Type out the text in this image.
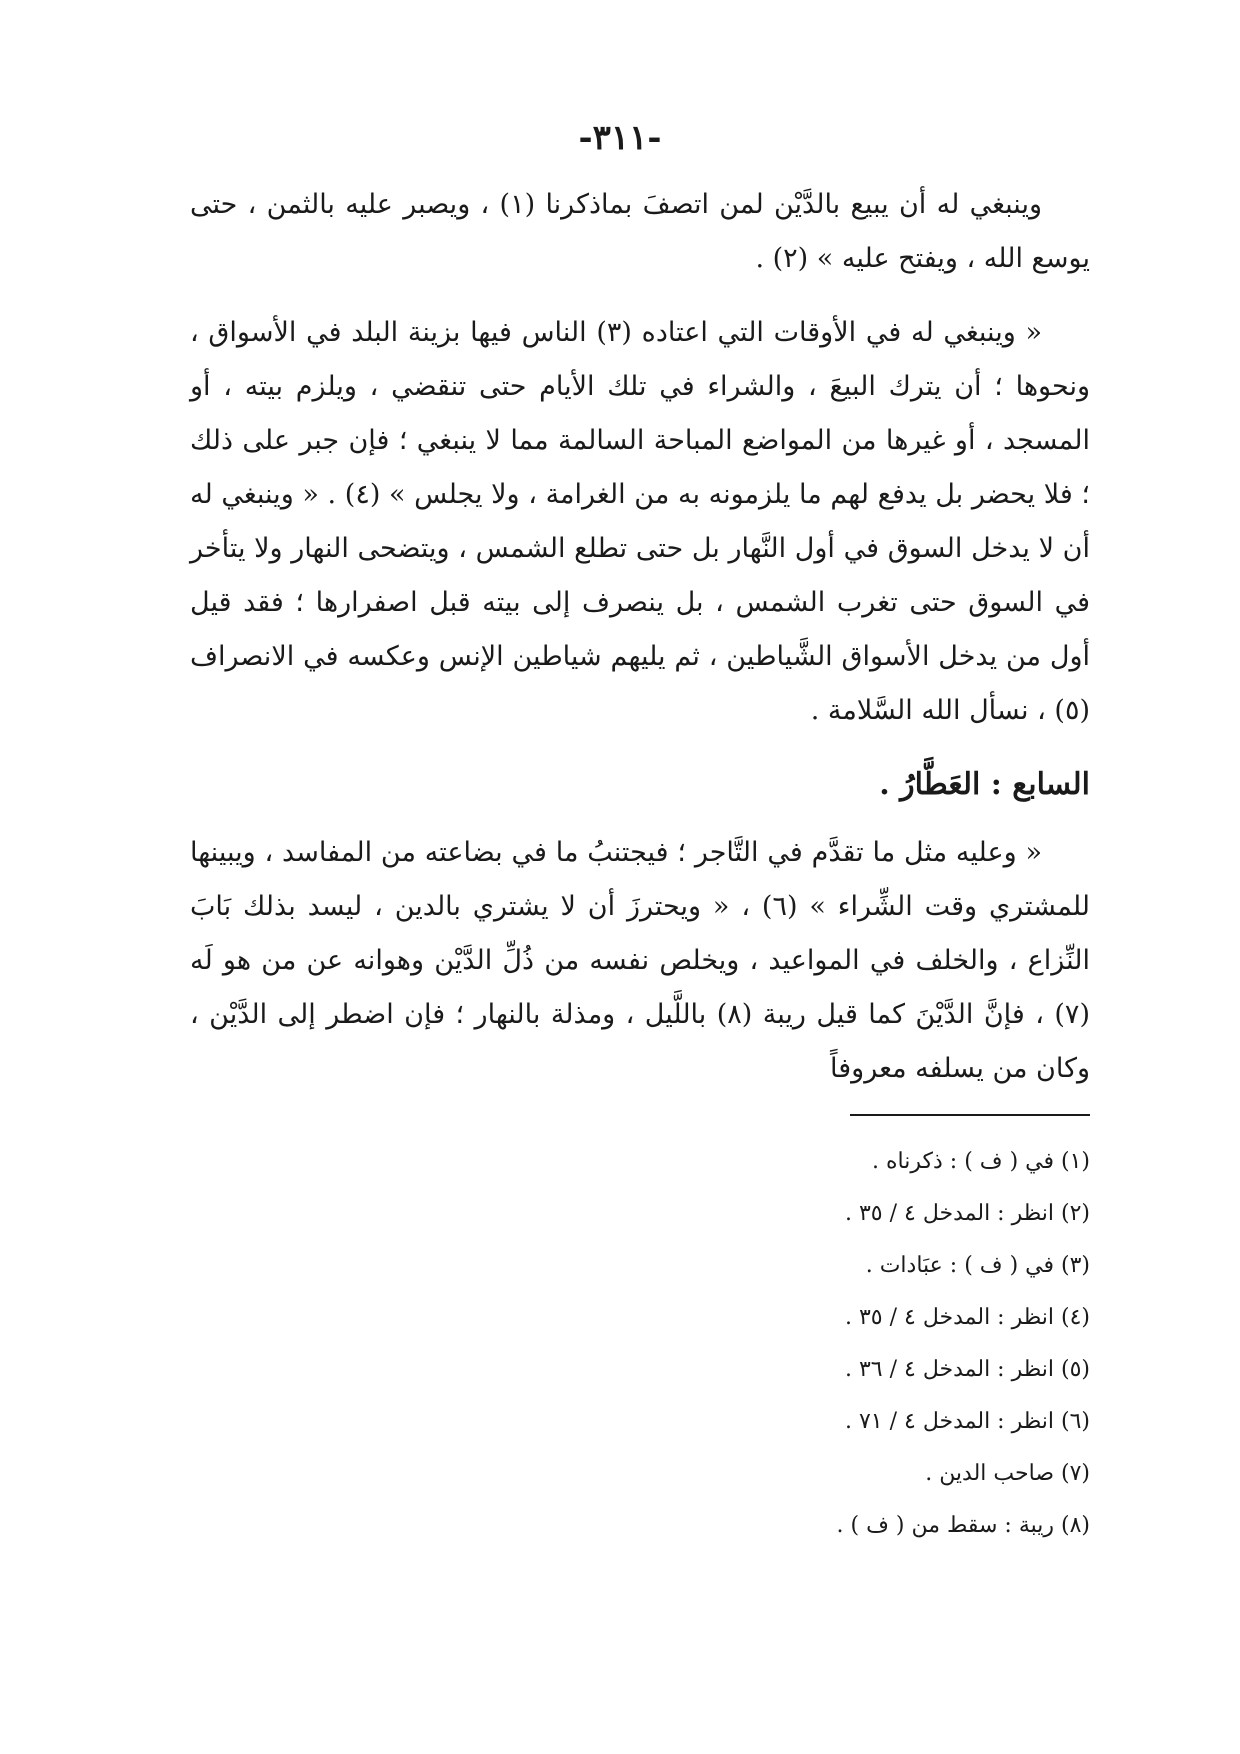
-٣١١-

وينبغي له أن يبيع بالدَّيْن لمن اتصفَ بماذكرنا (١) ، ويصبر عليه بالثمن ، حتى يوسع الله ، ويفتح عليه » (٢) .

« وينبغي له في الأوقات التي اعتاده (٣) الناس فيها بزينة البلد في الأسواق ، ونحوها ؛ أن يترك البيعَ ، والشراء في تلك الأيام حتى تنقضي ، ويلزم بيته ، أو المسجد ، أو غيرها من المواضع المباحة السالمة مما لا ينبغي ؛ فإن جبر على ذلك ؛ فلا يحضر بل يدفع لهم ما يلزمونه به من الغرامة ، ولا يجلس » (٤) . « وينبغي له أن لا يدخل السوق في أول النَّهار بل حتى تطلع الشمس ، ويتضحى النهار ولا يتأخر في السوق حتى تغرب الشمس ، بل ينصرف إلى بيته قبل اصفرارها ؛ فقد قيل أول من يدخل الأسواق الشَّياطين ، ثم يليهم شياطين الإنس وعكسه في الانصراف (٥) ، نسأل الله السَّلامة .

السابع : العَطَّارُ .

« وعليه مثل ما تقدَّم في التَّاجر ؛ فيجتنبُ ما في بضاعته من المفاسد ، ويبينها للمشتري وقت الشِّراء » (٦) ، « ويحترزَ أن لا يشتري بالدين ، ليسد بذلك بَابَ النِّزاع ، والخلف في المواعيد ، ويخلص نفسه من ذُلِّ الدَّيْن وهوانه عن من هو لَه (٧) ، فإنَّ الدَّيْنَ كما قيل ريبة (٨) باللَّيل ، ومذلة بالنهار ؛ فإن اضطر إلى الدَّيْن ، وكان من يسلفه معروفاً

(١) في ( ف ) : ذكرناه .
(٢) انظر : المدخل ٤ / ٣٥ .
(٣) في ( ف ) : عبَادات .
(٤) انظر : المدخل ٤ / ٣٥ .
(٥) انظر : المدخل ٤ / ٣٦ .
(٦) انظر : المدخل ٤ / ٧١ .
(٧) صاحب الدين .
(٨) ريبة : سقط من ( ف ) .
